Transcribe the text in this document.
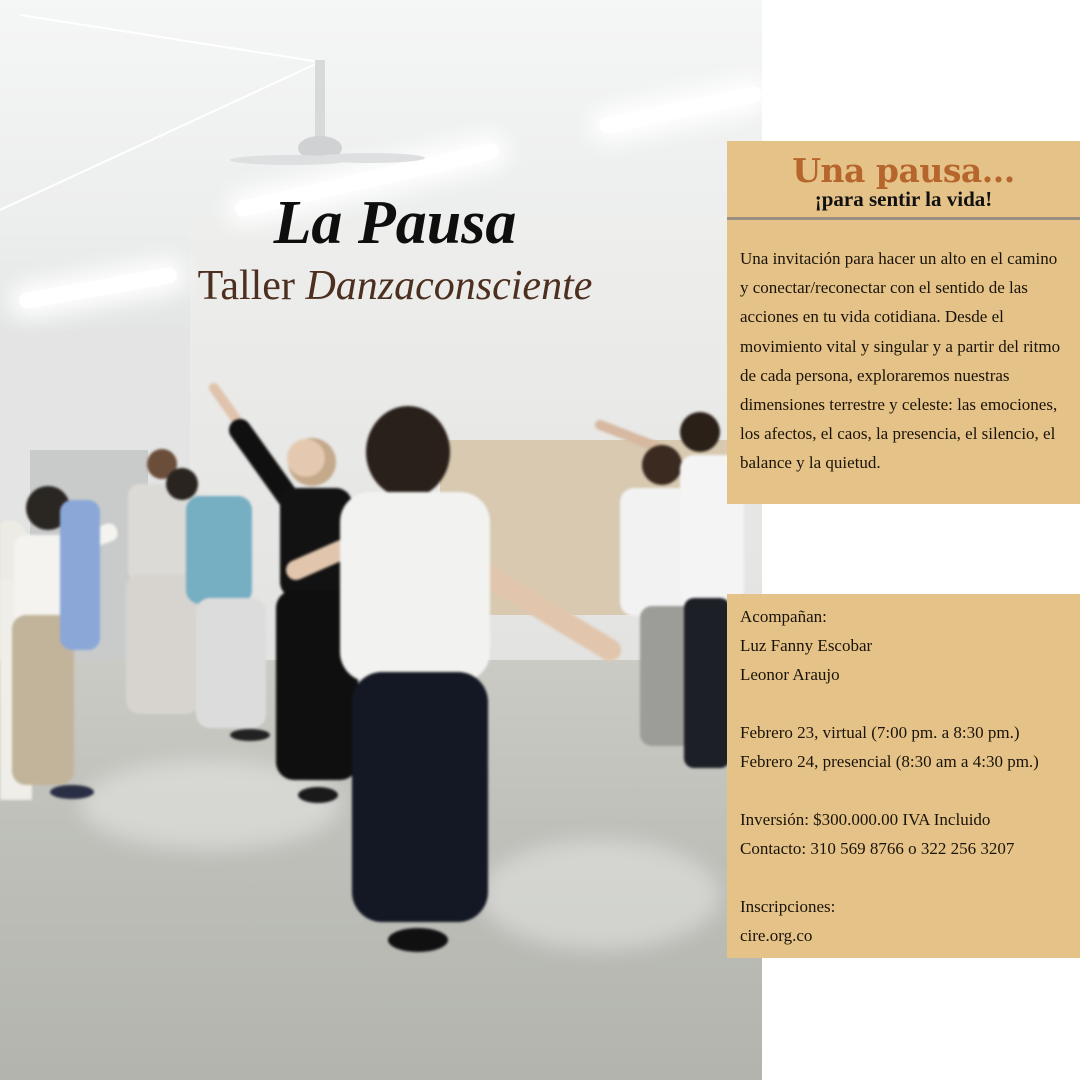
La Pausa
Taller Danzaconsciente
Una pausa...
¡para sentir la vida!
Una invitación para hacer un alto en el camino y conectar/reconectar con el sentido de las acciones en tu vida cotidiana. Desde el movimiento vital y singular y a partir del ritmo de cada persona, exploraremos nuestras dimensiones terrestre y celeste: las emociones, los afectos, el caos, la presencia, el silencio, el balance y la quietud.
Acompañan:
Luz Fanny Escobar
Leonor Araujo
Febrero 23, virtual (7:00 pm. a 8:30 pm.)
Febrero 24, presencial (8:30 am a 4:30 pm.)
Inversión: $300.000.00 IVA Incluido
Contacto: 310 569 8766 o 322 256 3207
Inscripciones:
cire.org.co
